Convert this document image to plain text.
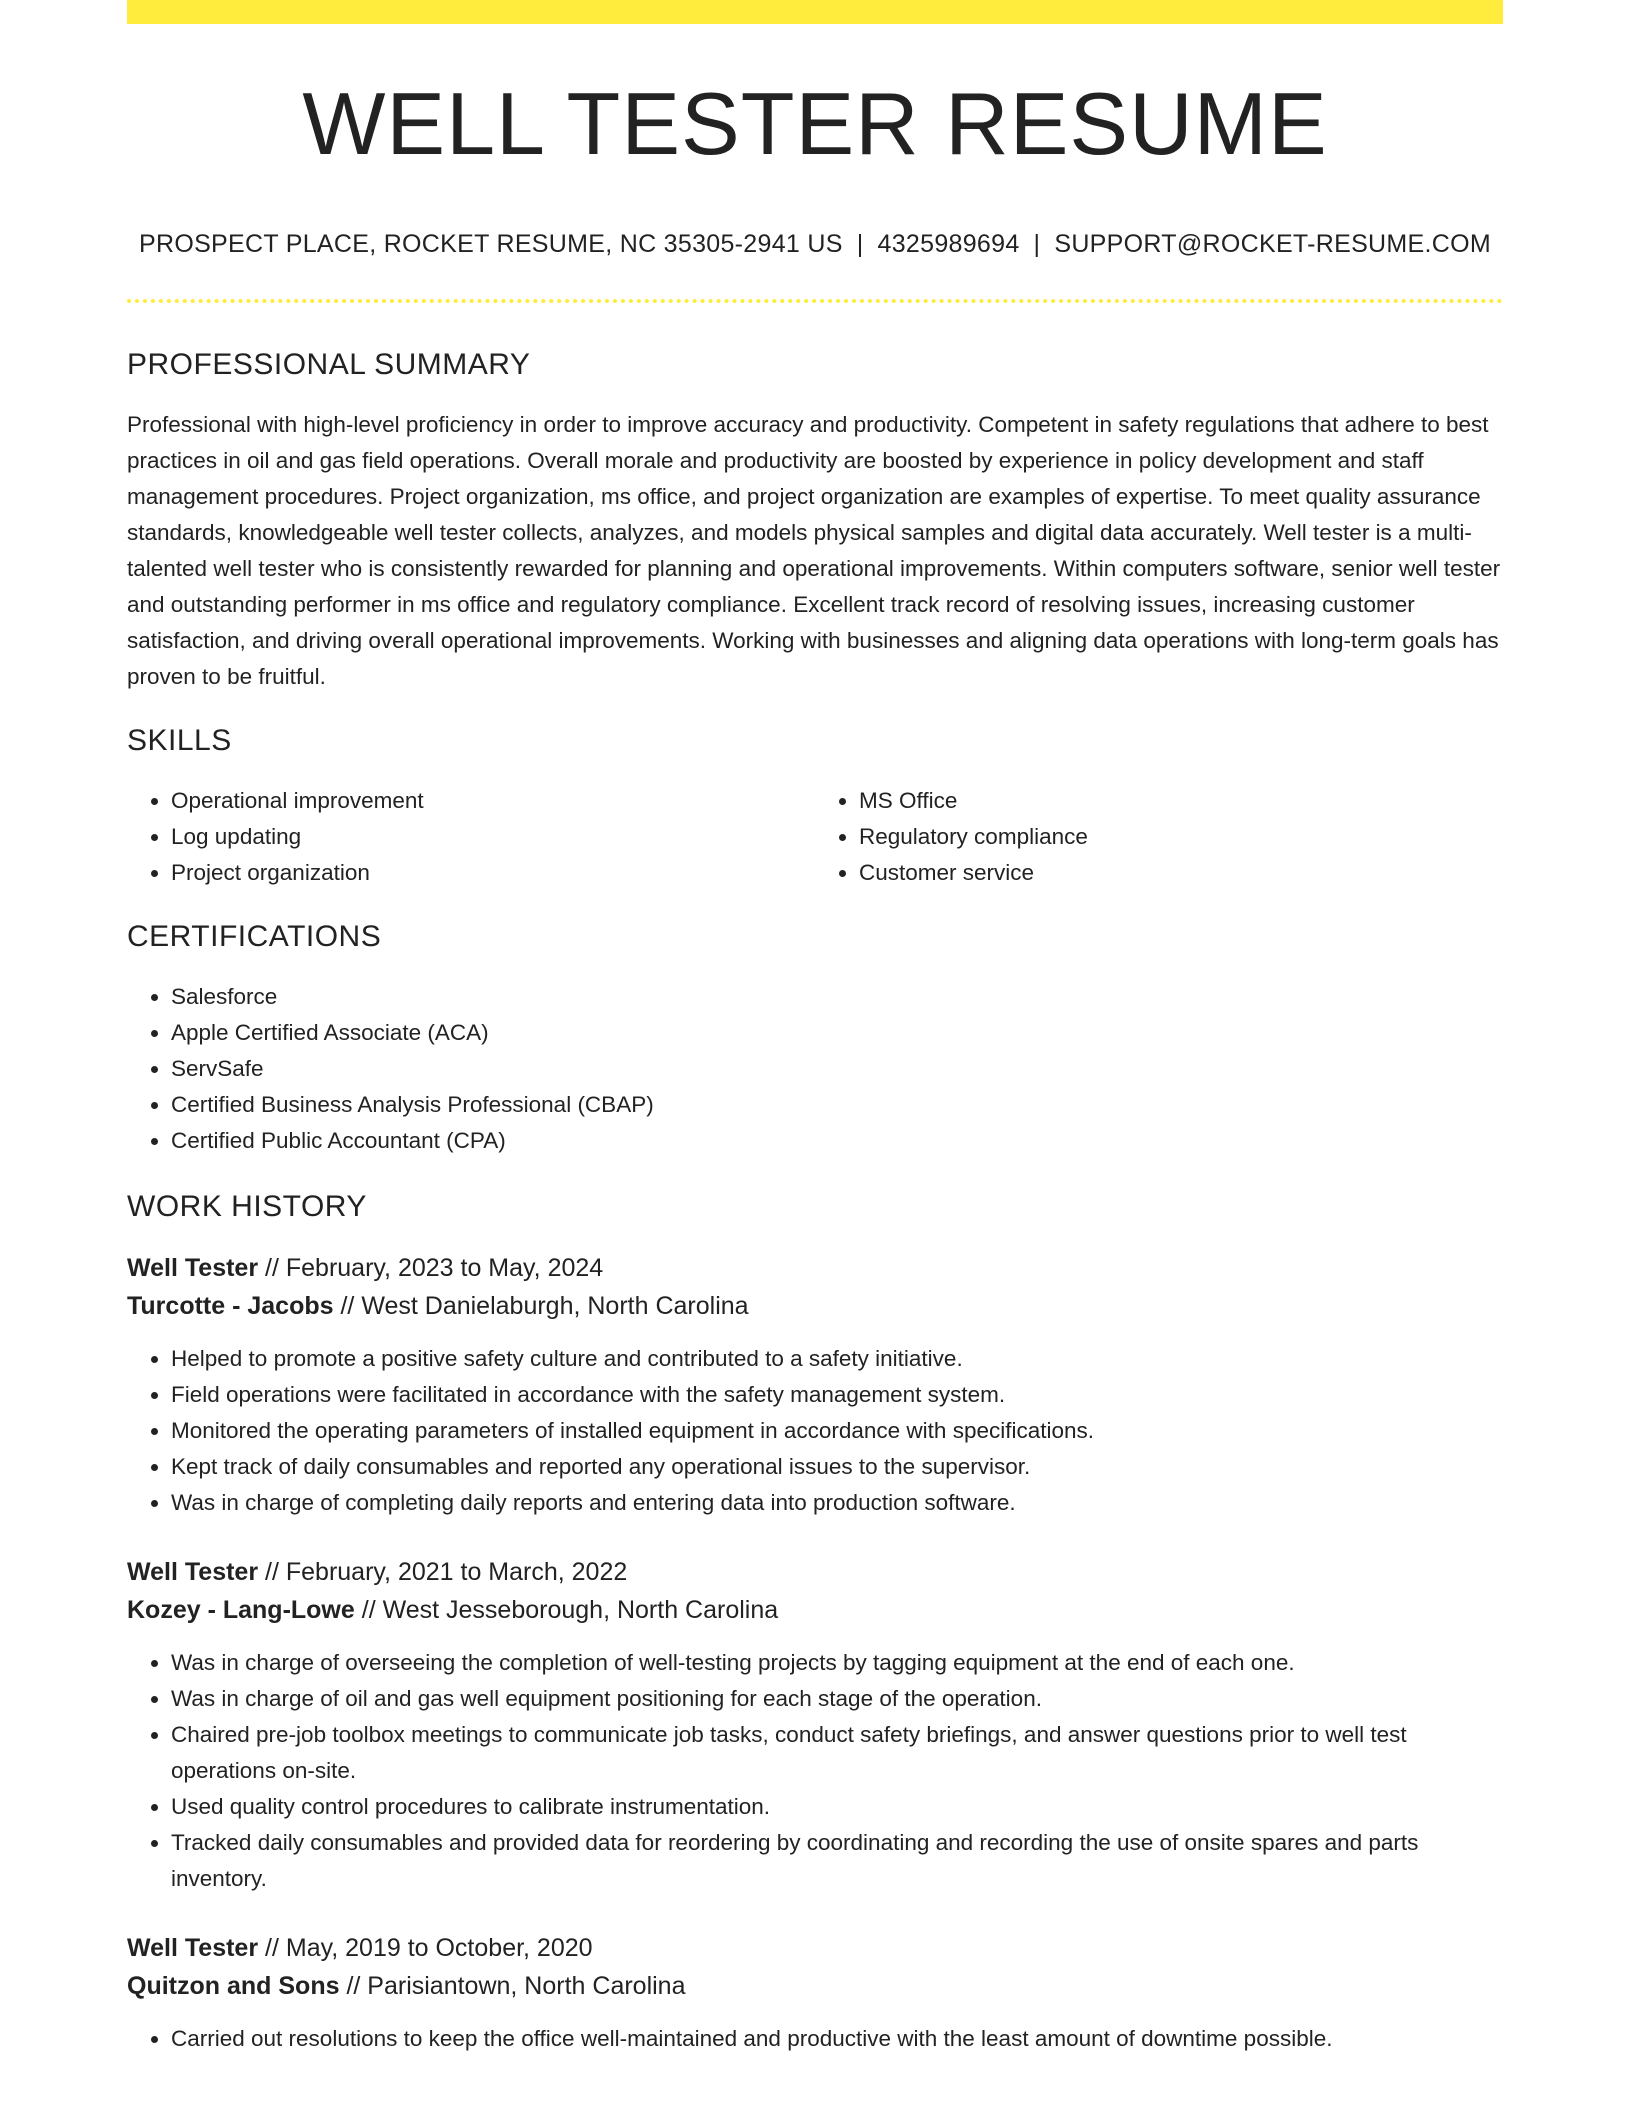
WELL TESTER RESUME
PROSPECT PLACE, ROCKET RESUME, NC 35305-2941 US | 4325989694 | SUPPORT@ROCKET-RESUME.COM
PROFESSIONAL SUMMARY

Professional with high-level proficiency in order to improve accuracy and productivity. Competent in safety regulations that adhere to best practices in oil and gas field operations. Overall morale and productivity are boosted by experience in policy development and staff management procedures. Project organization, ms office, and project organization are examples of expertise. To meet quality assurance standards, knowledgeable well tester collects, analyzes, and models physical samples and digital data accurately. Well tester is a multi-talented well tester who is consistently rewarded for planning and operational improvements. Within computers software, senior well tester and outstanding performer in ms office and regulatory compliance. Excellent track record of resolving issues, increasing customer satisfaction, and driving overall operational improvements. Working with businesses and aligning data operations with long-term goals has proven to be fruitful.

SKILLS
• Operational improvement
• Log updating
• Project organization
• MS Office
• Regulatory compliance
• Customer service
CERTIFICATIONS
• Salesforce
• Apple Certified Associate (ACA)
• ServSafe
• Certified Business Analysis Professional (CBAP)
• Certified Public Accountant (CPA)
WORK HISTORY
Well Tester // February, 2023 to May, 2024
Turcotte - Jacobs // West Danielaburgh, North Carolina
• Helped to promote a positive safety culture and contributed to a safety initiative.
• Field operations were facilitated in accordance with the safety management system.
• Monitored the operating parameters of installed equipment in accordance with specifications.
• Kept track of daily consumables and reported any operational issues to the supervisor.
• Was in charge of completing daily reports and entering data into production software.
Well Tester // February, 2021 to March, 2022
Kozey - Lang-Lowe // West Jesseborough, North Carolina
• Was in charge of overseeing the completion of well-testing projects by tagging equipment at the end of each one.
• Was in charge of oil and gas well equipment positioning for each stage of the operation.
• Chaired pre-job toolbox meetings to communicate job tasks, conduct safety briefings, and answer questions prior to well test operations on-site.
• Used quality control procedures to calibrate instrumentation.
• Tracked daily consumables and provided data for reordering by coordinating and recording the use of onsite spares and parts inventory.
Well Tester // May, 2019 to October, 2020
Quitzon and Sons // Parisiantown, North Carolina
• Carried out resolutions to keep the office well-maintained and productive with the least amount of downtime possible.
